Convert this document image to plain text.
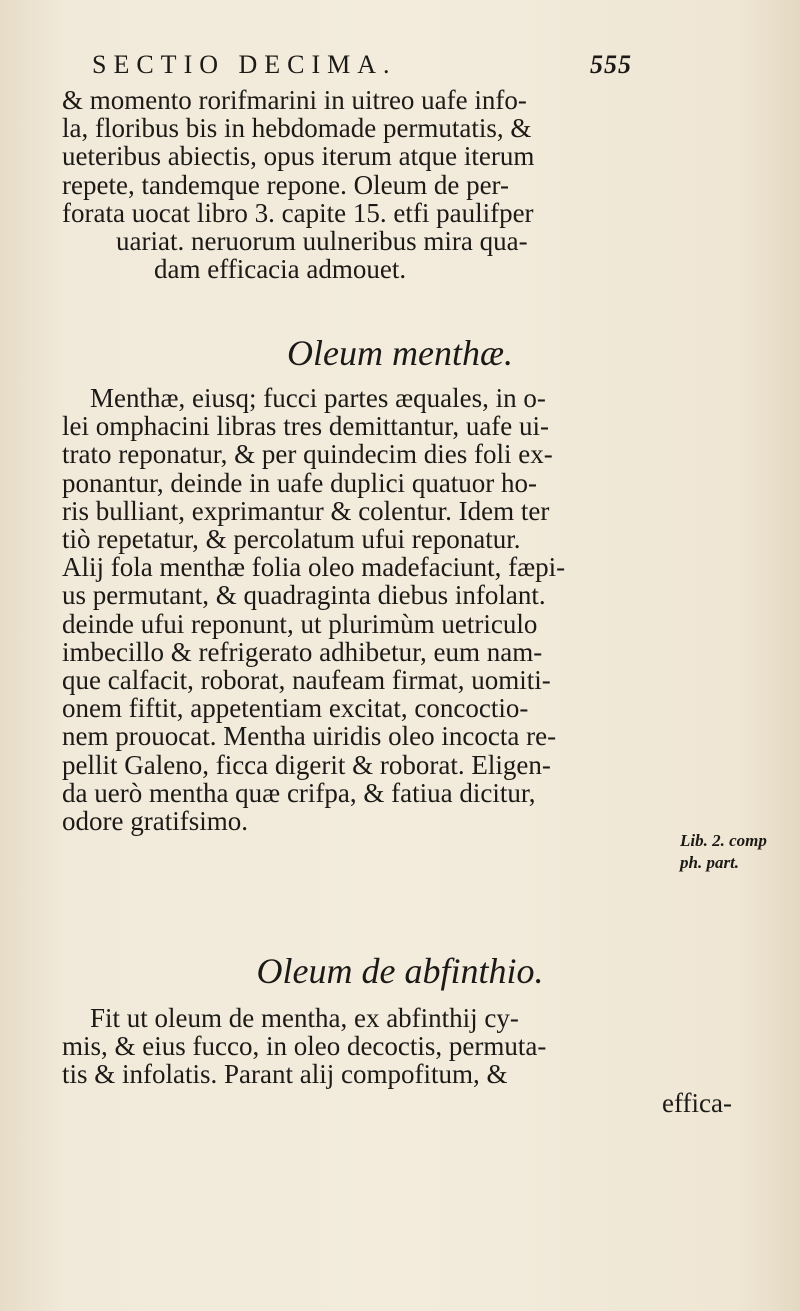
SECTIO DECIMA.	555
& momento rorifmarini in uitreo uafe info-
la, floribus bis in hebdomade permutatis, &
ueteribus abiectis, opus iterum atque iterum
repete, tandemque repone. Oleum de per-
forata uocat libro 3. capite 15. etfi paulifper
uariat. neruorum uulneribus mira qua-
dam efficacia admouet.
Oleum menthæ.
Menthæ, eiusq; fucci partes æquales, in o-
lei omphacini libras tres demittantur, uafe ui-
trato reponatur, & per quindecim dies foli ex-
ponantur, deinde in uafe duplici quatuor ho-
ris bulliant, exprimantur & colentur. Idem ter
tiò repetatur, & percolatum ufui reponatur.
Alij fola menthæ folia oleo madefaciunt, fæpi-
us permutant, & quadraginta diebus infolant.
deinde ufui reponunt, ut plurimùm uetriculo
imbecillo & refrigerato adhibetur, eum nam-
que calfacit, roborat, naufeam firmat, uomiti-
onem fiftit, appetentiam excitat, concoctio-
nem prouocat. Mentha uiridis oleo incocta re-
pellit Galeno, ficca digerit & roborat. Eligen-
da uerò mentha quæ crifpa, & fatiua dicitur,
odore gratifsimo.
Lib. 2. comp
ph. part.
Oleum de abfinthio.
Fit ut oleum de mentha, ex abfinthij cy-
mis, & eius fucco, in oleo decoctis, permuta-
tis & infolatis. Parant alij compofitum, &
effica-
